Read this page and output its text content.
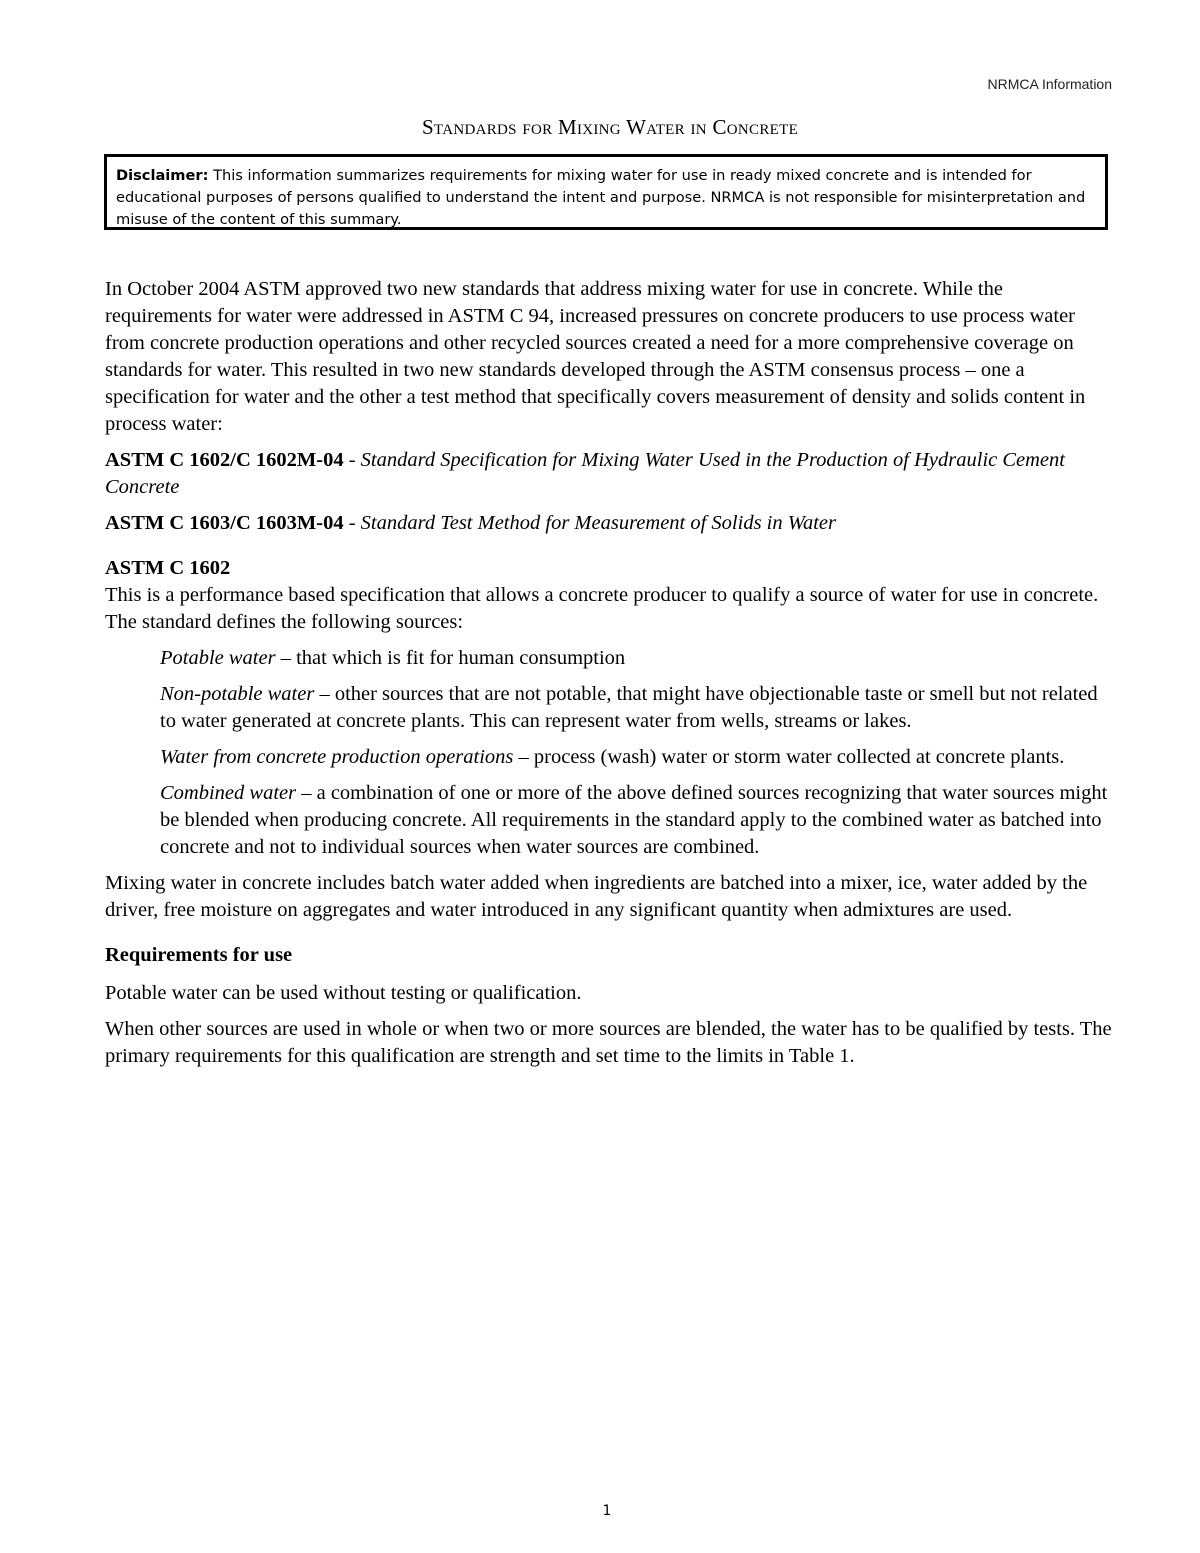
NRMCA Information
Standards for Mixing Water in Concrete
Disclaimer: This information summarizes requirements for mixing water for use in ready mixed concrete and is intended for educational purposes of persons qualified to understand the intent and purpose. NRMCA is not responsible for misinterpretation and misuse of the content of this summary.

In October 2004 ASTM approved two new standards that address mixing water for use in concrete. While the requirements for water were addressed in ASTM C 94, increased pressures on concrete producers to use process water from concrete production operations and other recycled sources created a need for a more comprehensive coverage on standards for water. This resulted in two new standards developed through the ASTM consensus process – one a specification for water and the other a test method that specifically covers measurement of density and solids content in process water:

ASTM C 1602/C 1602M-04 - Standard Specification for Mixing Water Used in the Production of Hydraulic Cement Concrete

ASTM C 1603/C 1603M-04 - Standard Test Method for Measurement of Solids in Water

ASTM C 1602

This is a performance based specification that allows a concrete producer to qualify a source of water for use in concrete. The standard defines the following sources:

Potable water – that which is fit for human consumption

Non-potable water – other sources that are not potable, that might have objectionable taste or smell but not related to water generated at concrete plants. This can represent water from wells, streams or lakes.

Water from concrete production operations – process (wash) water or storm water collected at concrete plants.

Combined water – a combination of one or more of the above defined sources recognizing that water sources might be blended when producing concrete. All requirements in the standard apply to the combined water as batched into concrete and not to individual sources when water sources are combined.

Mixing water in concrete includes batch water added when ingredients are batched into a mixer, ice, water added by the driver, free moisture on aggregates and water introduced in any significant quantity when admixtures are used.

Requirements for use

Potable water can be used without testing or qualification.

When other sources are used in whole or when two or more sources are blended, the water has to be qualified by tests. The primary requirements for this qualification are strength and set time to the limits in Table 1.

1
